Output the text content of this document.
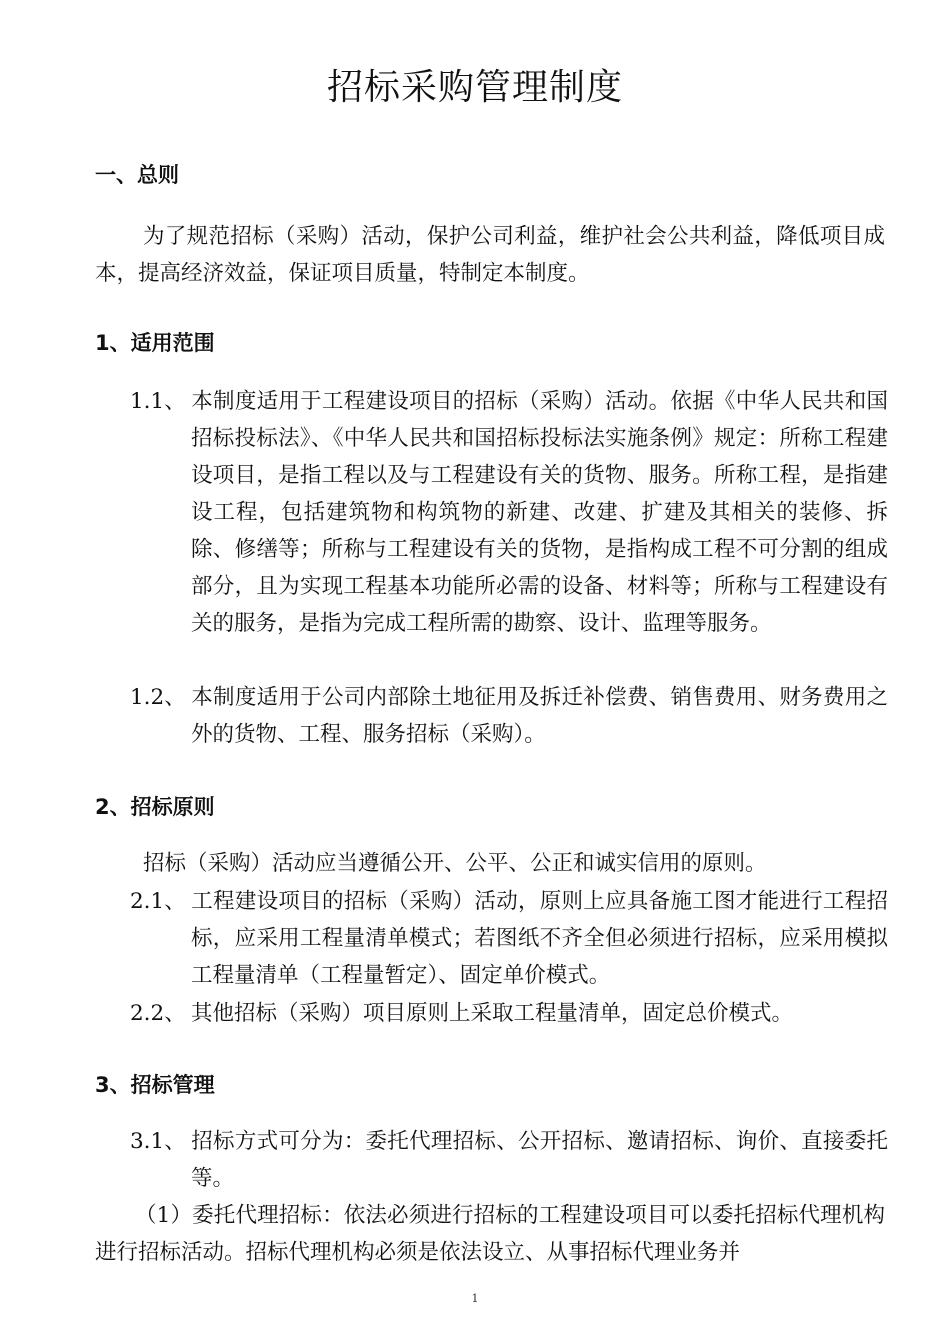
招标采购管理制度
一、总则

为了规范招标（采购）活动，保护公司利益，维护社会公共利益，降低项目成本，提高经济效益，保证项目质量，特制定本制度。

1、适用范围

1.1、 本制度适用于工程建设项目的招标（采购）活动。依据《中华人民共和国招标投标法》、《中华人民共和国招标投标法实施条例》规定：所称工程建设项目，是指工程以及与工程建设有关的货物、服务。所称工程，是指建设工程，包括建筑物和构筑物的新建、改建、扩建及其相关的装修、拆除、修缮等；所称与工程建设有关的货物，是指构成工程不可分割的组成部分，且为实现工程基本功能所必需的设备、材料等；所称与工程建设有关的服务，是指为完成工程所需的勘察、设计、监理等服务。

1.2、 本制度适用于公司内部除土地征用及拆迁补偿费、销售费用、财务费用之外的货物、工程、服务招标（采购）。

2、招标原则

招标（采购）活动应当遵循公开、公平、公正和诚实信用的原则。

2.1、 工程建设项目的招标（采购）活动，原则上应具备施工图才能进行工程招标，应采用工程量清单模式；若图纸不齐全但必须进行招标，应采用模拟工程量清单（工程量暂定）、固定单价模式。

2.2、 其他招标（采购）项目原则上采取工程量清单，固定总价模式。

3、招标管理

3.1、 招标方式可分为：委托代理招标、公开招标、邀请招标、询价、直接委托等。

（1）委托代理招标：依法必须进行招标的工程建设项目可以委托招标代理机构进行招标活动。招标代理机构必须是依法设立、从事招标代理业务并

1
